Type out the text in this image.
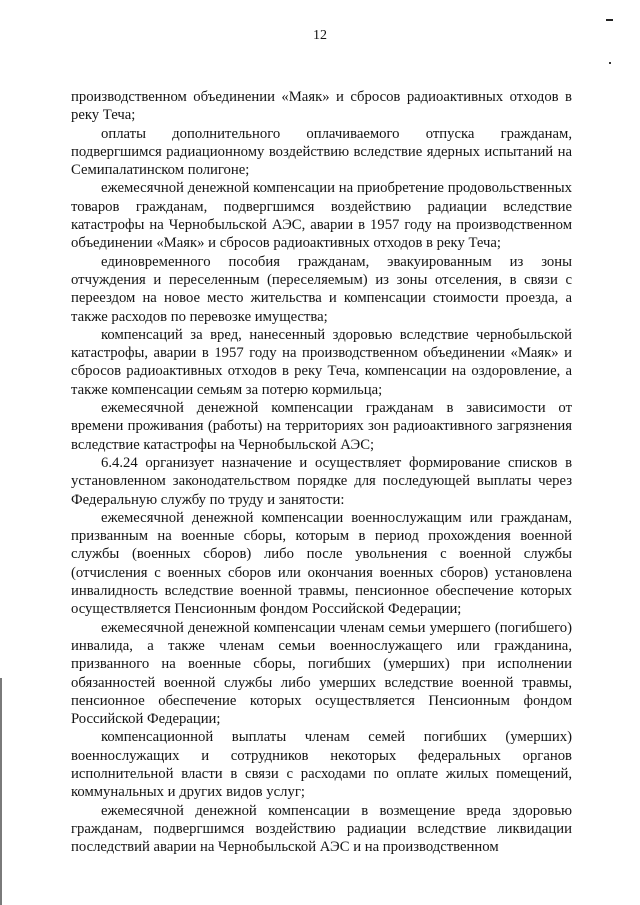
12

производственном объединении «Маяк» и сбросов радиоактивных отходов в реку Теча;

оплаты дополнительного оплачиваемого отпуска гражданам, подвергшимся радиационному воздействию вследствие ядерных испытаний на Семипалатинском полигоне;

ежемесячной денежной компенсации на приобретение продовольственных товаров гражданам, подвергшимся воздействию радиации вследствие катастрофы на Чернобыльской АЭС, аварии в 1957 году на производственном объединении «Маяк» и сбросов радиоактивных отходов в реку Теча;

единовременного пособия гражданам, эвакуированным из зоны отчуждения и переселенным (переселяемым) из зоны отселения, в связи с переездом на новое место жительства и компенсации стоимости проезда, а также расходов по перевозке имущества;

компенсаций за вред, нанесенный здоровью вследствие чернобыльской катастрофы, аварии в 1957 году на производственном объединении «Маяк» и сбросов радиоактивных отходов в реку Теча, компенсации на оздоровление, а также компенсации семьям за потерю кормильца;

ежемесячной денежной компенсации гражданам в зависимости от времени проживания (работы) на территориях зон радиоактивного загрязнения вследствие катастрофы на Чернобыльской АЭС;

6.4.24 организует назначение и осуществляет формирование списков в установленном законодательством порядке для последующей выплаты через Федеральную службу по труду и занятости:

ежемесячной денежной компенсации военнослужащим или гражданам, призванным на военные сборы, которым в период прохождения военной службы (военных сборов) либо после увольнения с военной службы (отчисления с военных сборов или окончания военных сборов) установлена инвалидность вследствие военной травмы, пенсионное обеспечение которых осуществляется Пенсионным фондом Российской Федерации;

ежемесячной денежной компенсации членам семьи умершего (погибшего) инвалида, а также членам семьи военнослужащего или гражданина, призванного на военные сборы, погибших (умерших) при исполнении обязанностей военной службы либо умерших вследствие военной травмы, пенсионное обеспечение которых осуществляется Пенсионным фондом Российской Федерации;

компенсационной выплаты членам семей погибших (умерших) военнослужащих и сотрудников некоторых федеральных органов исполнительной власти в связи с расходами по оплате жилых помещений, коммунальных и других видов услуг;

ежемесячной денежной компенсации в возмещение вреда здоровью гражданам, подвергшимся воздействию радиации вследствие ликвидации последствий аварии на Чернобыльской АЭС и на производственном
